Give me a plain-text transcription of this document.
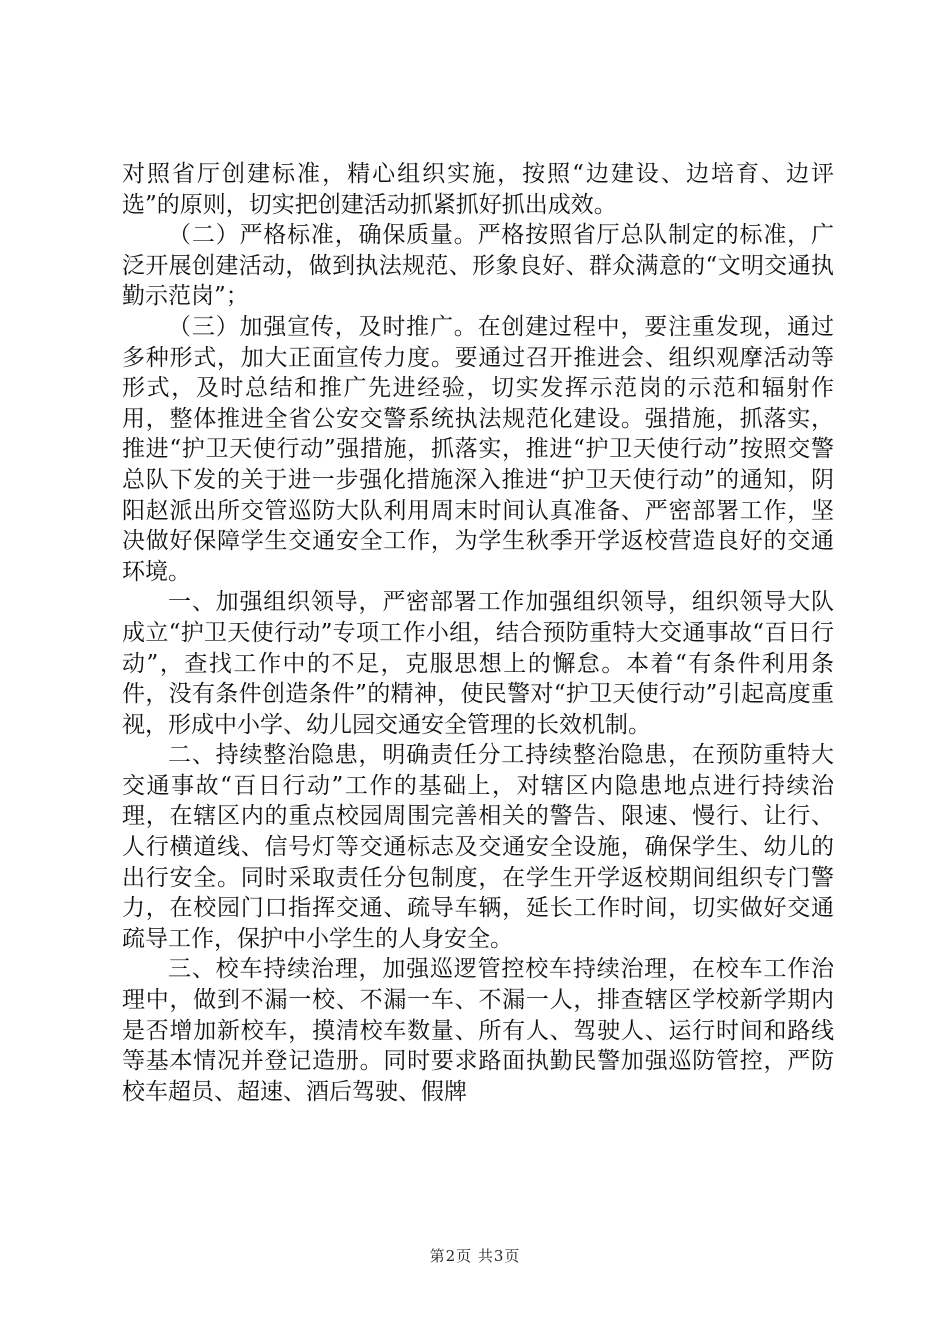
对照省厅创建标准，精心组织实施，按照“边建设、边培育、边评选”的原则，切实把创建活动抓紧抓好抓出成效。

（二）严格标准，确保质量。严格按照省厅总队制定的标准，广泛开展创建活动，做到执法规范、形象良好、群众满意的“文明交通执勤示范岗”；

（三）加强宣传，及时推广。在创建过程中，要注重发现，通过多种形式，加大正面宣传力度。要通过召开推进会、组织观摩活动等形式，及时总结和推广先进经验，切实发挥示范岗的示范和辐射作用，整体推进全省公安交警系统执法规范化建设。强措施，抓落实，推进“护卫天使行动”强措施，抓落实，推进“护卫天使行动”按照交警总队下发的关于进一步强化措施深入推进“护卫天使行动”的通知，阴阳赵派出所交管巡防大队利用周末时间认真准备、严密部署工作，坚决做好保障学生交通安全工作，为学生秋季开学返校营造良好的交通环境。

一、加强组织领导，严密部署工作加强组织领导，组织领导大队成立“护卫天使行动”专项工作小组，结合预防重特大交通事故“百日行动”，查找工作中的不足，克服思想上的懈怠。本着“有条件利用条件，没有条件创造条件”的精神，使民警对“护卫天使行动”引起高度重视，形成中小学、幼儿园交通安全管理的长效机制。

二、持续整治隐患，明确责任分工持续整治隐患，在预防重特大交通事故“百日行动”工作的基础上，对辖区内隐患地点进行持续治理，在辖区内的重点校园周围完善相关的警告、限速、慢行、让行、人行横道线、信号灯等交通标志及交通安全设施，确保学生、幼儿的出行安全。同时采取责任分包制度，在学生开学返校期间组织专门警力，在校园门口指挥交通、疏导车辆，延长工作时间，切实做好交通疏导工作，保护中小学生的人身安全。

三、校车持续治理，加强巡逻管控校车持续治理，在校车工作治理中，做到不漏一校、不漏一车、不漏一人，排查辖区学校新学期内是否增加新校车，摸清校车数量、所有人、驾驶人、运行时间和路线等基本情况并登记造册。同时要求路面执勤民警加强巡防管控，严防校车超员、超速、酒后驾驶、假牌

第2页 共3页
